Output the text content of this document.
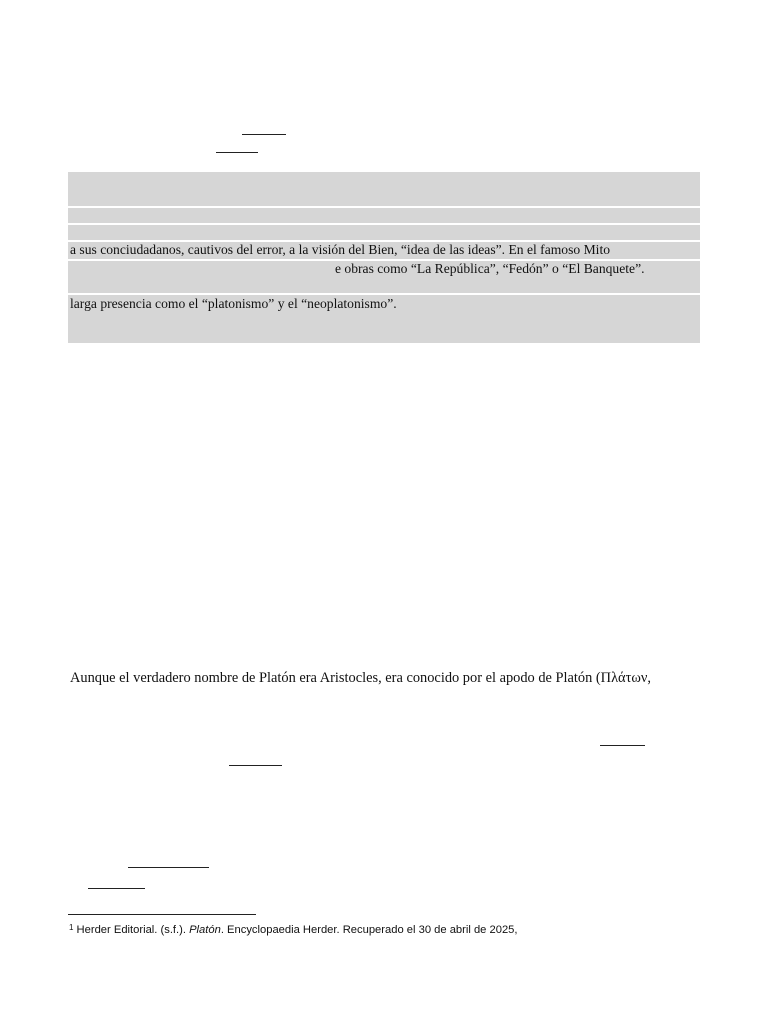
a sus conciudadanos, cautivos del error, a la visión del Bien, “idea de las ideas”. En el famoso Mito
e obras como “La República”, “Fedón” o “El Banquete”.
larga presencia como el “platonismo” y el “neoplatonismo”.
Aunque el verdadero nombre de Platón era Aristocles, era conocido por el apodo de Platón (Πλάτων,
$^1$ Herder Editorial. (s.f.). Platón. Encyclopaedia Herder. Recuperado el 30 de abril de 2025,
